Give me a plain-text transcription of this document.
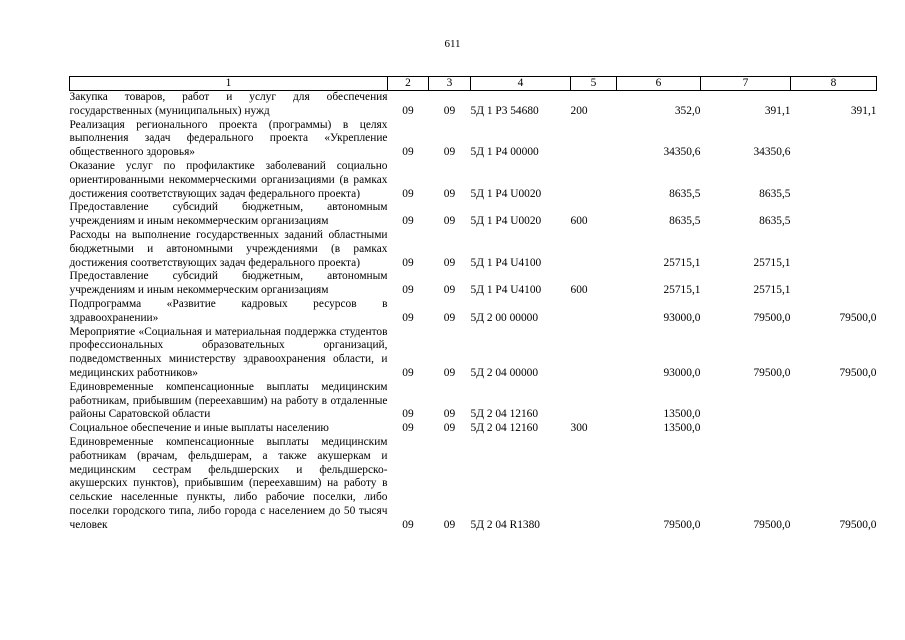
611
1	2	3	4	5	6	7	8
Закупка товаров, работ и услуг для обеспечения государственных (муниципальных) нужд	09	09	5Д 1 Р3 54680	200	352,0	391,1	391,1
Реализация регионального проекта (программы) в целях выполнения задач федерального проекта «Укрепление общественного здоровья»	09	09	5Д 1 Р4 00000		34350,6	34350,6	
Оказание услуг по профилактике заболеваний социально ориентированными некоммерческими организациями (в рамках достижения соответствующих задач федерального проекта)	09	09	5Д 1 Р4 U0020		8635,5	8635,5	
Предоставление субсидий бюджетным, автономным учреждениям и иным некоммерческим организациям	09	09	5Д 1 Р4 U0020	600	8635,5	8635,5	
Расходы на выполнение государственных заданий областными бюджетными и автономными учреждениями (в рамках достижения соответствующих задач федерального проекта)	09	09	5Д 1 Р4 U4100		25715,1	25715,1	
Предоставление субсидий бюджетным, автономным учреждениям и иным некоммерческим организациям	09	09	5Д 1 Р4 U4100	600	25715,1	25715,1	
Подпрограмма «Развитие кадровых ресурсов в здравоохранении»	09	09	5Д 2 00 00000		93000,0	79500,0	79500,0
Мероприятие «Социальная и материальная поддержка студентов профессиональных образовательных организаций, подведомственных министерству здравоохранения области, и медицинских работников»	09	09	5Д 2 04 00000		93000,0	79500,0	79500,0
Единовременные компенсационные выплаты медицинским работникам, прибывшим (переехавшим) на работу в отдаленные районы Саратовской области	09	09	5Д 2 04 12160		13500,0		
Социальное обеспечение и иные выплаты населению	09	09	5Д 2 04 12160	300	13500,0		
Единовременные компенсационные выплаты медицинским работникам (врачам, фельдшерам, а также акушеркам и медицинским сестрам фельдшерских и фельдшерско-акушерских пунктов), прибывшим (переехавшим) на работу в сельские населенные пункты, либо рабочие поселки, либо поселки городского типа, либо города с населением до 50 тысяч человек	09	09	5Д 2 04 R1380		79500,0	79500,0	79500,0
